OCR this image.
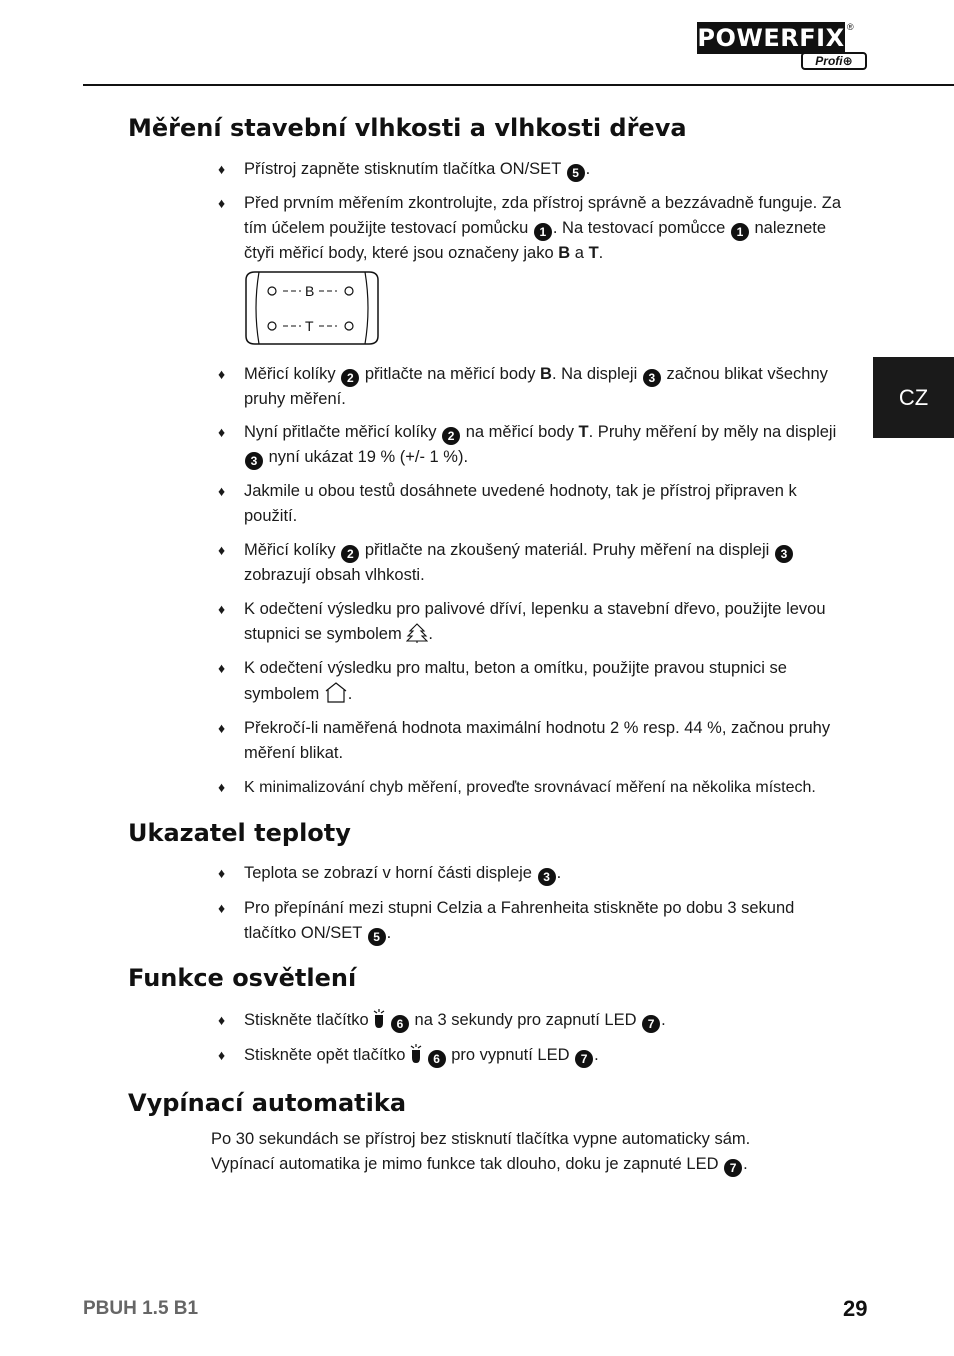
POWERFIX ®
Profi⊕
CZ
Měření stavební vlhkosti a vlhkosti dřeva
♦ Přístroj zapněte stisknutím tlačítka ON/SET 5 .
♦ Před prvním měřením zkontrolujte, zda přístroj správně a bezzávadně funguje. Za tím účelem použijte testovací pomůcku 1 . Na testovací pomůcce 1 naleznete čtyři měřicí body, které jsou označeny jako B a T.
B
T
♦ Měřicí kolíky 2 přitlačte na měřicí body B. Na displeji 3 začnou blikat všechny pruhy měření.
♦ Nyní přitlačte měřicí kolíky 2 na měřicí body T. Pruhy měření by měly na displeji 3 nyní ukázat 19 % (+/- 1 %).
♦ Jakmile u obou testů dosáhnete uvedené hodnoty, tak je přístroj připraven k použití.
♦ Měřicí kolíky 2 přitlačte na zkoušený materiál. Pruhy měření na displeji 3 zobrazují obsah vlhkosti.
♦ K odečtení výsledku pro palivové dříví, lepenku a stavební dřevo, použijte levou stupnici se symbolem .
♦ K odečtení výsledku pro maltu, beton a omítku, použijte pravou stupnici se symbolem .
♦ Překročí-li naměřená hodnota maximální hodnotu 2 % resp. 44 %, začnou pruhy měření blikat.
♦ K minimalizování chyb měření, proveďte srovnávací měření na několika místech.
Ukazatel teploty
♦ Teplota se zobrazí v horní části displeje 3 .
♦ Pro přepínání mezi stupni Celzia a Fahrenheita stiskněte po dobu 3 sekund tlačítko ON/SET 5 .
Funkce osvětlení
♦ Stiskněte tlačítko 6 na 3 sekundy pro zapnutí LED 7 .
♦ Stiskněte opět tlačítko 6 pro vypnutí LED 7 .
Vypínací automatika
Po 30 sekundách se přístroj bez stisknutí tlačítka vypne automaticky sám.
Vypínací automatika je mimo funkce tak dlouho, doku je zapnuté LED 7 .
PBUH 1.5 B1	29
